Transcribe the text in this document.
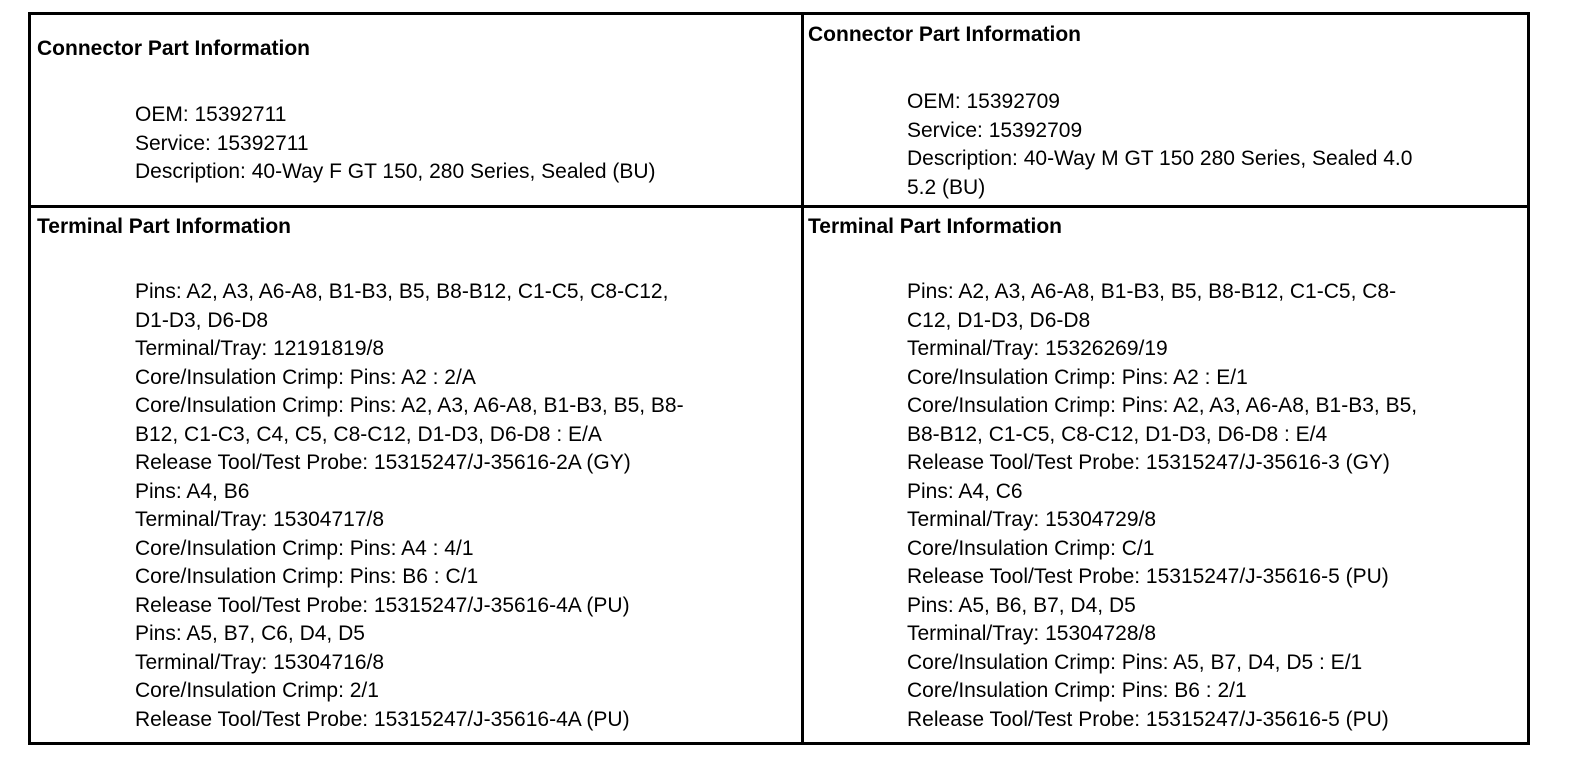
Connector Part Information
OEM: 15392711
Service: 15392711
Description: 40-Way F GT 150, 280 Series, Sealed (BU)
Connector Part Information
OEM: 15392709
Service: 15392709
Description: 40-Way M GT 150 280 Series, Sealed 4.0
5.2 (BU)
Terminal Part Information
Pins: A2, A3, A6-A8, B1-B3, B5, B8-B12, C1-C5, C8-C12,
D1-D3, D6-D8
Terminal/Tray: 12191819/8
Core/Insulation Crimp: Pins: A2 : 2/A
Core/Insulation Crimp: Pins: A2, A3, A6-A8, B1-B3, B5, B8-
B12, C1-C3, C4, C5, C8-C12, D1-D3, D6-D8 : E/A
Release Tool/Test Probe: 15315247/J-35616-2A (GY)
Pins: A4, B6
Terminal/Tray: 15304717/8
Core/Insulation Crimp: Pins: A4 : 4/1
Core/Insulation Crimp: Pins: B6 : C/1
Release Tool/Test Probe: 15315247/J-35616-4A (PU)
Pins: A5, B7, C6, D4, D5
Terminal/Tray: 15304716/8
Core/Insulation Crimp: 2/1
Release Tool/Test Probe: 15315247/J-35616-4A (PU)
Terminal Part Information
Pins: A2, A3, A6-A8, B1-B3, B5, B8-B12, C1-C5, C8-
C12, D1-D3, D6-D8
Terminal/Tray: 15326269/19
Core/Insulation Crimp: Pins: A2 : E/1
Core/Insulation Crimp: Pins: A2, A3, A6-A8, B1-B3, B5,
B8-B12, C1-C5, C8-C12, D1-D3, D6-D8 : E/4
Release Tool/Test Probe: 15315247/J-35616-3 (GY)
Pins: A4, C6
Terminal/Tray: 15304729/8
Core/Insulation Crimp: C/1
Release Tool/Test Probe: 15315247/J-35616-5 (PU)
Pins: A5, B6, B7, D4, D5
Terminal/Tray: 15304728/8
Core/Insulation Crimp: Pins: A5, B7, D4, D5 : E/1
Core/Insulation Crimp: Pins: B6 : 2/1
Release Tool/Test Probe: 15315247/J-35616-5 (PU)
